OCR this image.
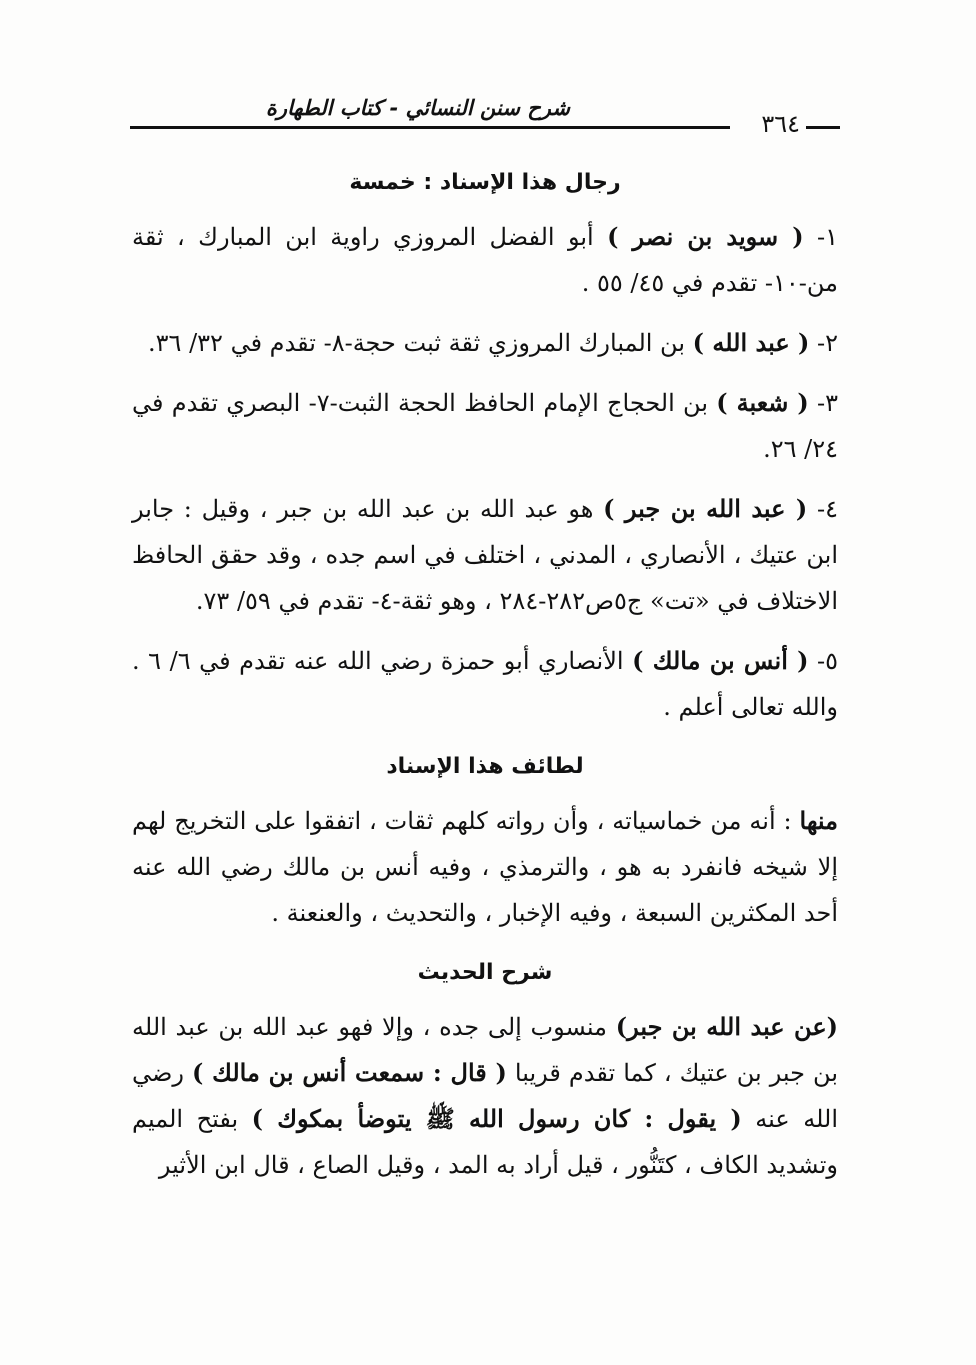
شرح سنن النسائي - كتاب الطهارة
٣٦٤
رجال هذا الإسناد : خمسة

١- ( سويد بن نصر ) أبو الفضل المروزي راوية ابن المبارك ، ثقة من-١٠- تقدم في ٤٥/ ٥٥ .

٢- ( عبد الله ) بن المبارك المروزي ثقة ثبت حجة-٨- تقدم في ٣٢/ ٣٦.

٣- ( شعبة ) بن الحجاج الإمام الحافظ الحجة الثبت-٧- البصري تقدم في ٢٤/ ٢٦.

٤- ( عبد الله بن جبر ) هو عبد الله بن عبد الله بن جبر ، وقيل : جابر ابن عتيك ، الأنصاري ، المدني ، اختلف في اسم جده ، وقد حقق الحافظ الاختلاف في «تت» ج٥ص٢٨٢-٢٨٤ ، وهو ثقة-٤- تقدم في ٥٩/ ٧٣.

٥- ( أنس بن مالك ) الأنصاري أبو حمزة رضي الله عنه تقدم في ٦/ ٦ . والله تعالى أعلم .

لطائف هذا الإسناد

منها : أنه من خماسياته ، وأن رواته كلهم ثقات ، اتفقوا على التخريج لهم إلا شيخه فانفرد به هو ، والترمذي ، وفيه أنس بن مالك رضي الله عنه أحد المكثرين السبعة ، وفيه الإخبار ، والتحديث ، والعنعنة .

شرح الحديث

(عن عبد الله بن جبر) منسوب إلى جده ، وإلا فهو عبد الله بن عبد الله بن جبر بن عتيك ، كما تقدم قريبا ( قال : سمعت أنس بن مالك ) رضي الله عنه ( يقول : كان رسول الله ﷺ يتوضأ بمكوك ) بفتح الميم وتشديد الكاف ، كتَنُّور ، قيل أراد به المد ، وقيل الصاع ، قال ابن الأثير
